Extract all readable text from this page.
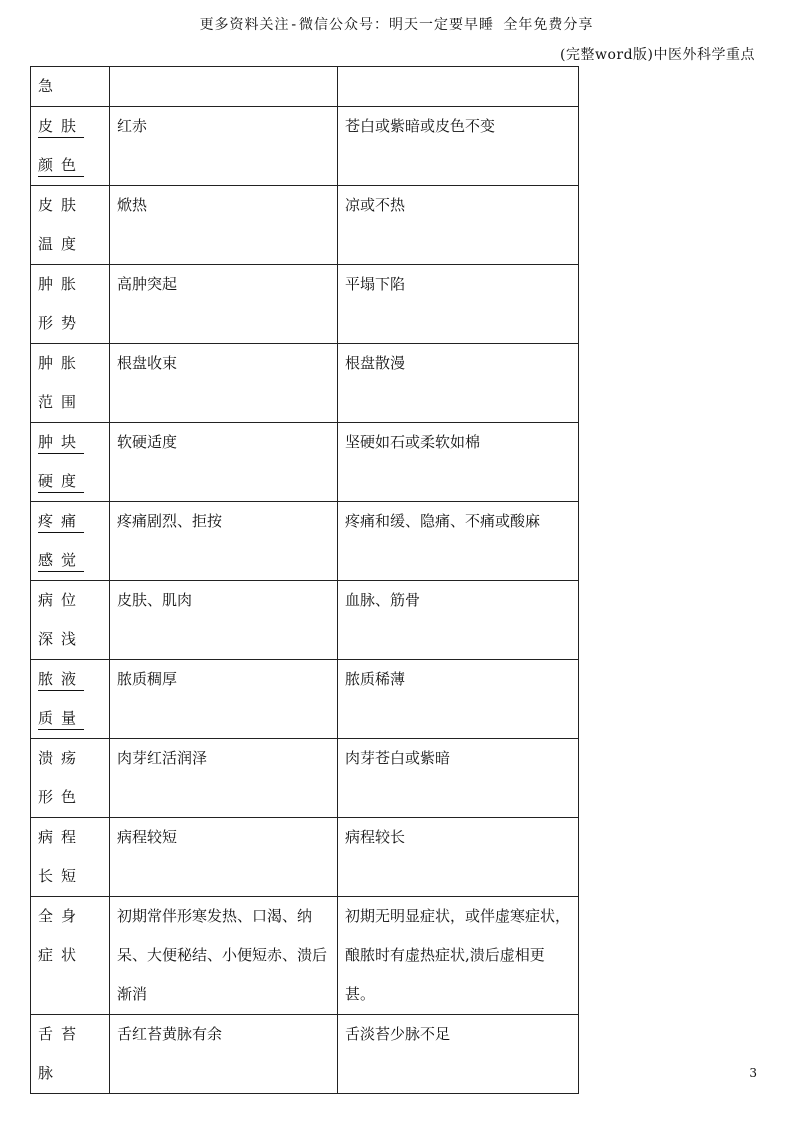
更多资料关注-微信公众号：明天一定要早睡 全年免费分享
(完整word版)中医外科学重点
急		
皮肤颜色	红赤	苍白或紫暗或皮色不变
皮肤温度	焮热	凉或不热
肿胀形势	高肿突起	平塌下陷
肿胀范围	根盘收束	根盘散漫
肿块硬度	软硬适度	坚硬如石或柔软如棉
疼痛感觉	疼痛剧烈、拒按	疼痛和缓、隐痛、不痛或酸麻
病位深浅	皮肤、肌肉	血脉、筋骨
脓液质量	脓质稠厚	脓质稀薄
溃疡形色	肉芽红活润泽	肉芽苍白或紫暗
病程长短	病程较短	病程较长
全身症状	初期常伴形寒发热、口渴、纳呆、大便秘结、小便短赤、溃后渐消	初期无明显症状，或伴虚寒症状，酿脓时有虚热症状,溃后虚相更甚。
舌苔脉	舌红苔黄脉有余	舌淡苔少脉不足
3
